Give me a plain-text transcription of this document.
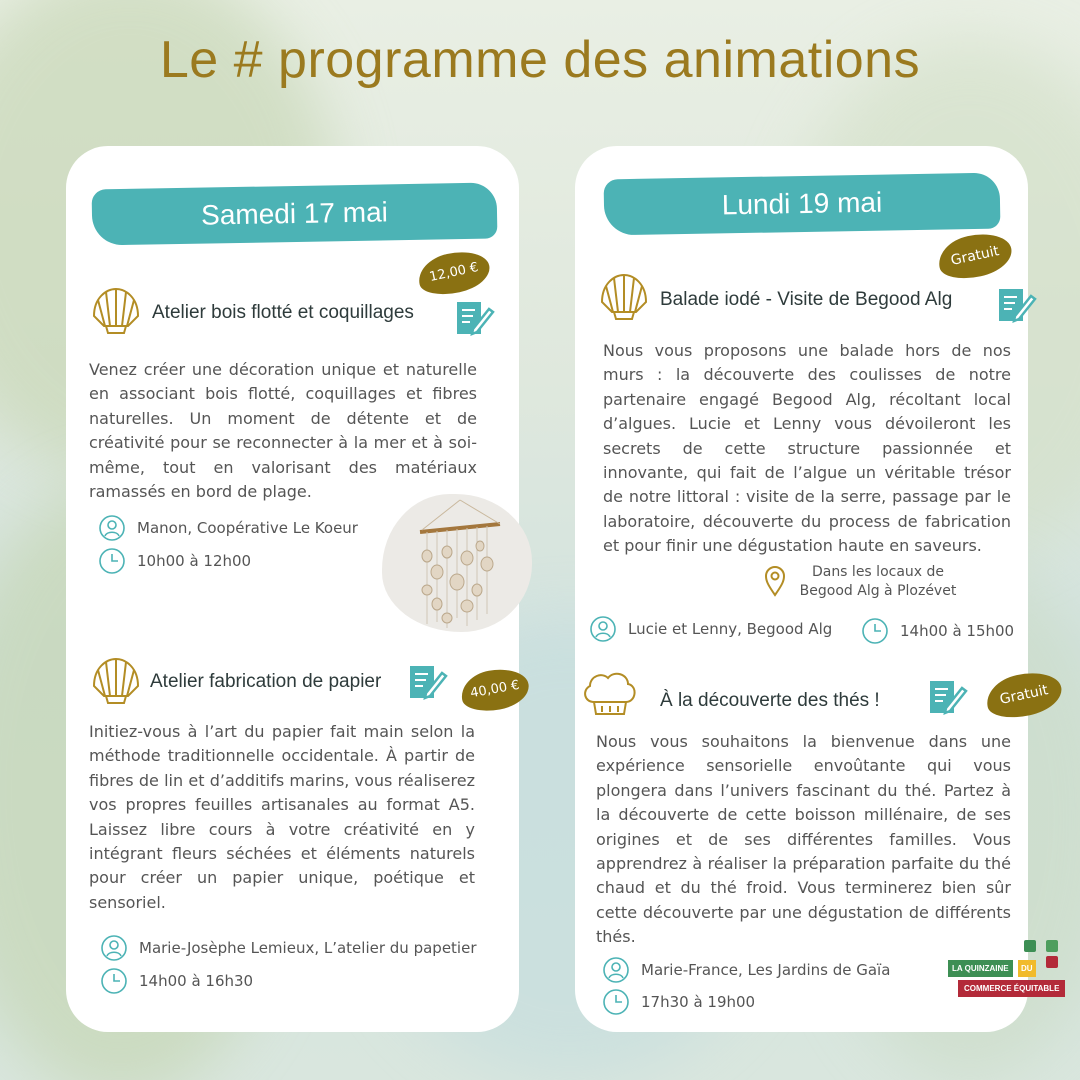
Le # programme des animations
Samedi 17 mai
12,00 €
Atelier bois flotté et coquillages
Venez créer une décoration unique et naturelle en associant bois flotté, coquillages et fibres naturelles. Un moment de détente et de créativité pour se reconnecter à la mer et à soi-même, tout en valorisant des matériaux ramassés en bord de plage.
Manon, Coopérative Le Koeur
10h00 à 12h00
40,00 €
Atelier fabrication de papier
Initiez-vous à l’art du papier fait main selon la méthode traditionnelle occidentale. À partir de fibres de lin et d’additifs marins, vous réaliserez vos propres feuilles artisanales au format A5. Laissez libre cours à votre créativité en y intégrant fleurs séchées et éléments naturels pour créer un papier unique, poétique et sensoriel.
Marie-Josèphe Lemieux, L’atelier du papetier
14h00 à 16h30
Lundi 19 mai
Gratuit
Balade iodé - Visite de Begood Alg
Nous vous proposons une balade hors de nos murs : la découverte des coulisses de notre partenaire engagé Begood Alg, récoltant local d’algues. Lucie et Lenny vous dévoileront les secrets de cette structure passionnée et innovante, qui fait de l’algue un véritable trésor de notre littoral : visite de la serre, passage par le laboratoire, découverte du process de fabrication et pour finir une dégustation haute en saveurs.
Dans les locaux de
Begood Alg à Plozévet
Lucie et Lenny, Begood Alg	14h00 à 15h00
À la découverte des thés !	Gratuit
Nous vous souhaitons la bienvenue dans une expérience sensorielle envoûtante qui vous plongera dans l’univers fascinant du thé. Partez à la découverte de cette boisson millénaire, de ses origines et de ses différentes familles. Vous apprendrez à réaliser la préparation parfaite du thé chaud et du thé froid. Vous terminerez bien sûr cette découverte par une dégustation de différents thés.
Marie-France, Les Jardins de Gaïa
17h30 à 19h00
LA QUINZAINE	DU
COMMERCE ÉQUITABLE
